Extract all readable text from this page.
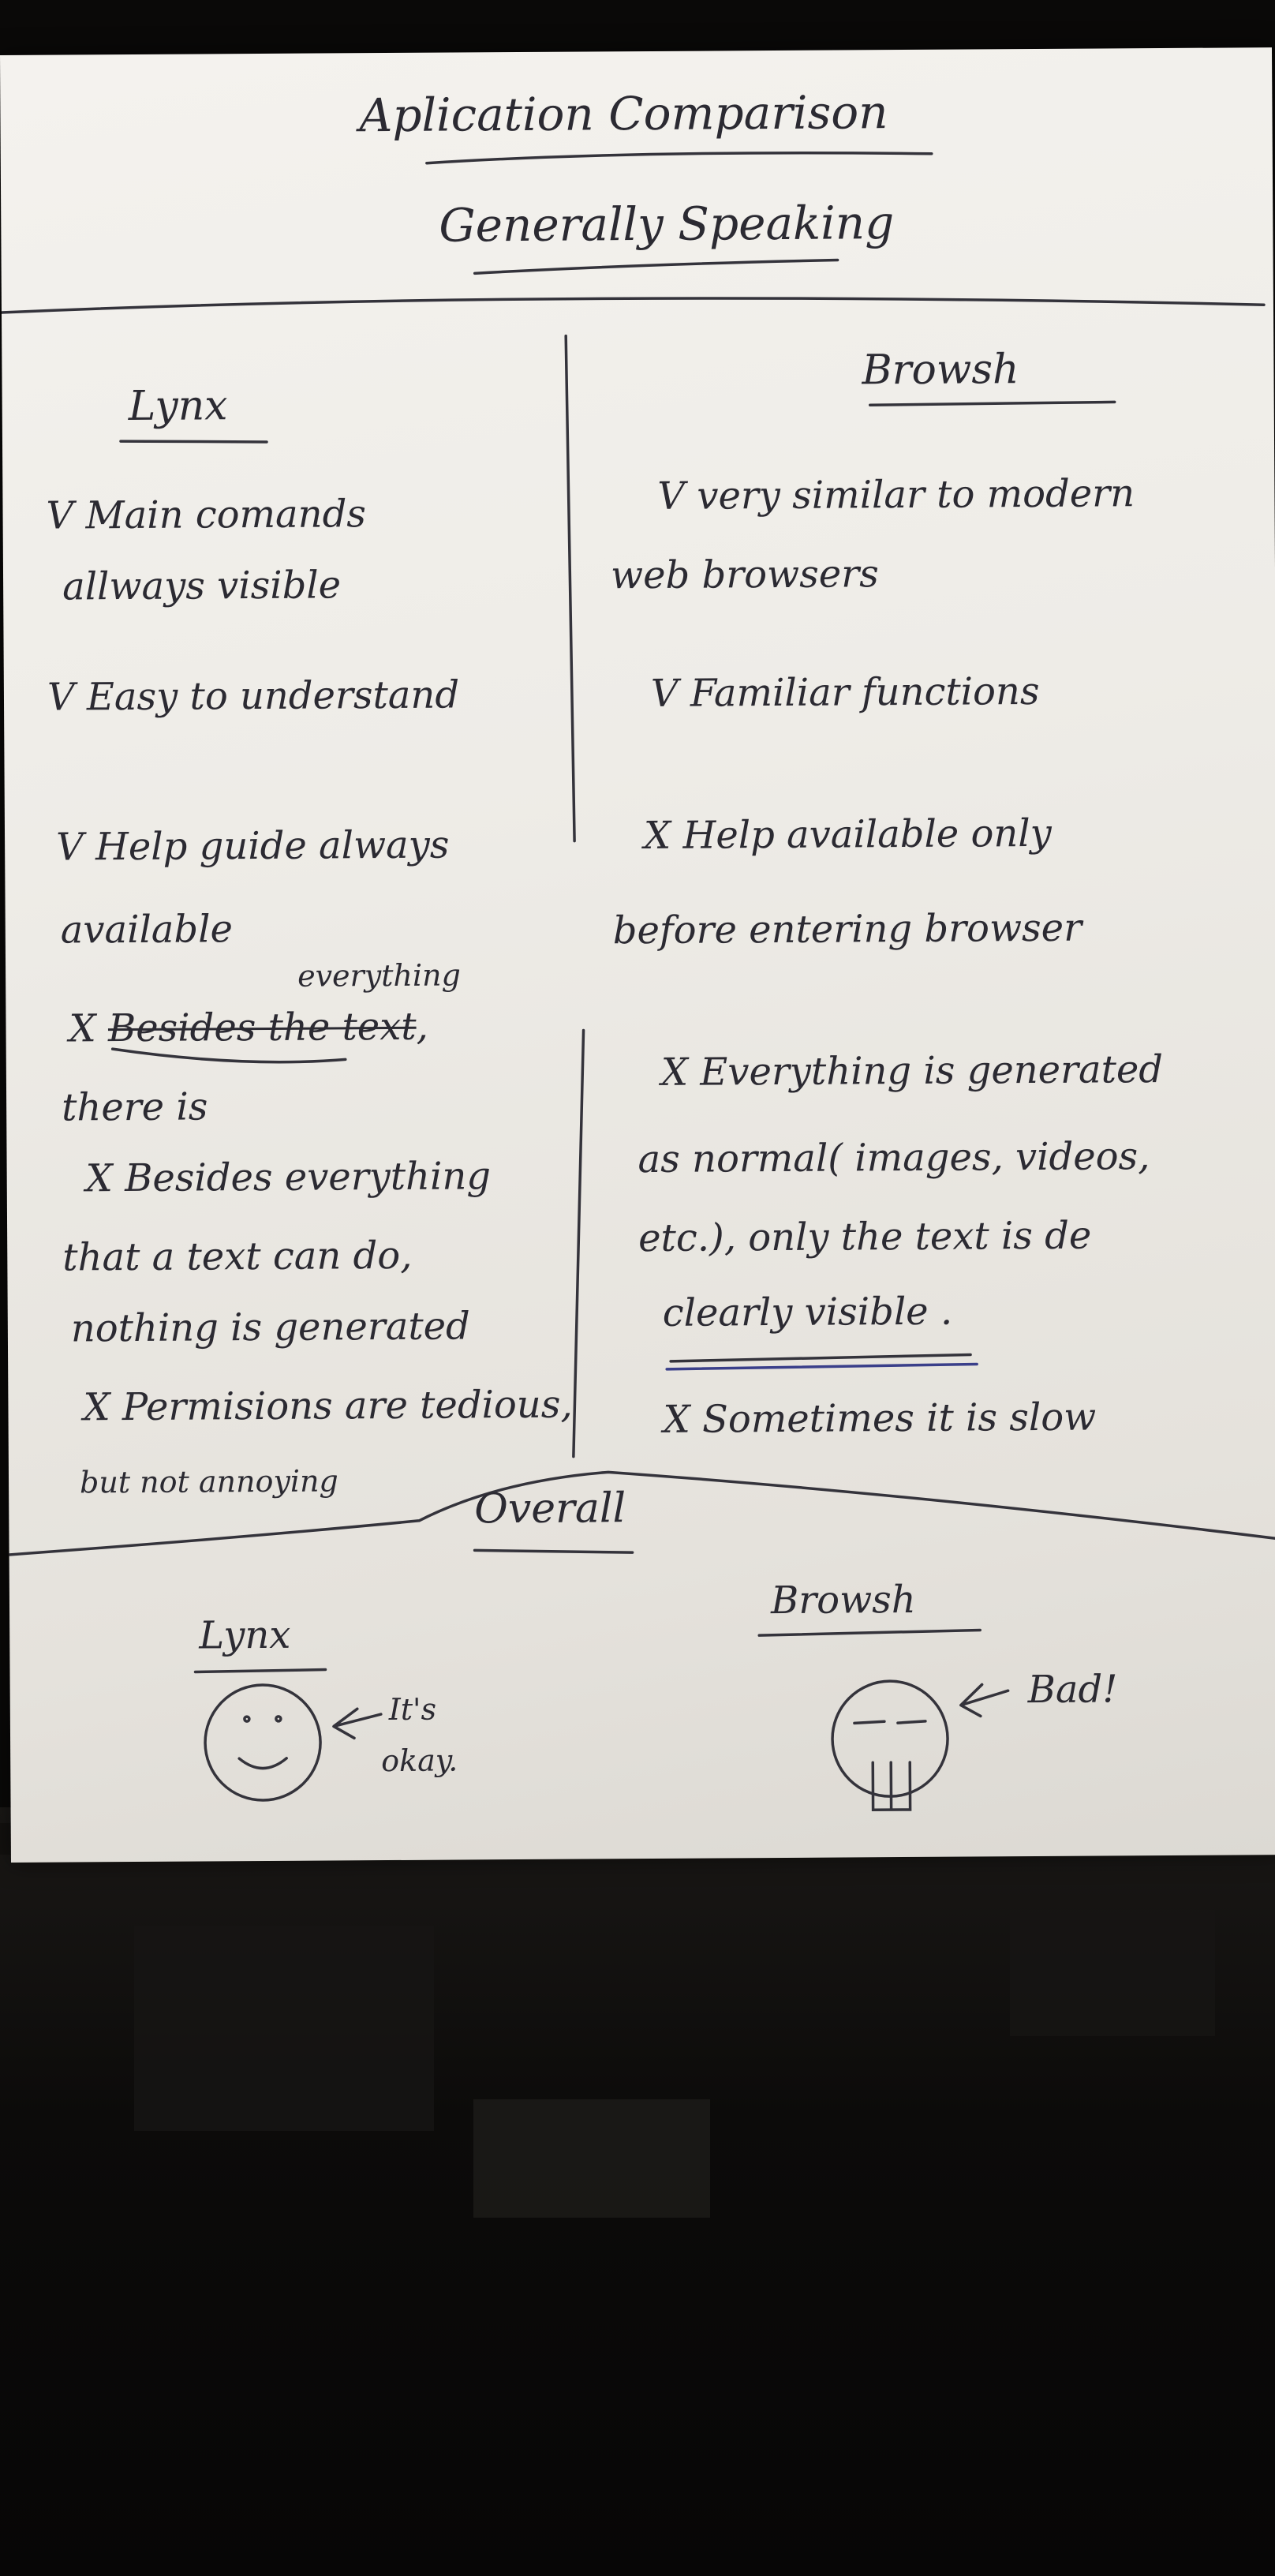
Aplication Comparison
Generally Speaking
Lynx
V Main comands
allways visible
V Easy to understand
V Help guide always
available
everything
X Besides the text,
there is
X Besides everything
that a text can do,
nothing is generated
X Permisions are tedious,
but not annoying
Browsh
V very similar to modern
web browsers
V Familiar functions
X Help available only
before entering browser
X Everything is generated
as normal( images, videos,
etc.), only the text is de
clearly visible .
X Sometimes it is slow
Overall
Lynx
It's
okay.
Browsh
Bad!
